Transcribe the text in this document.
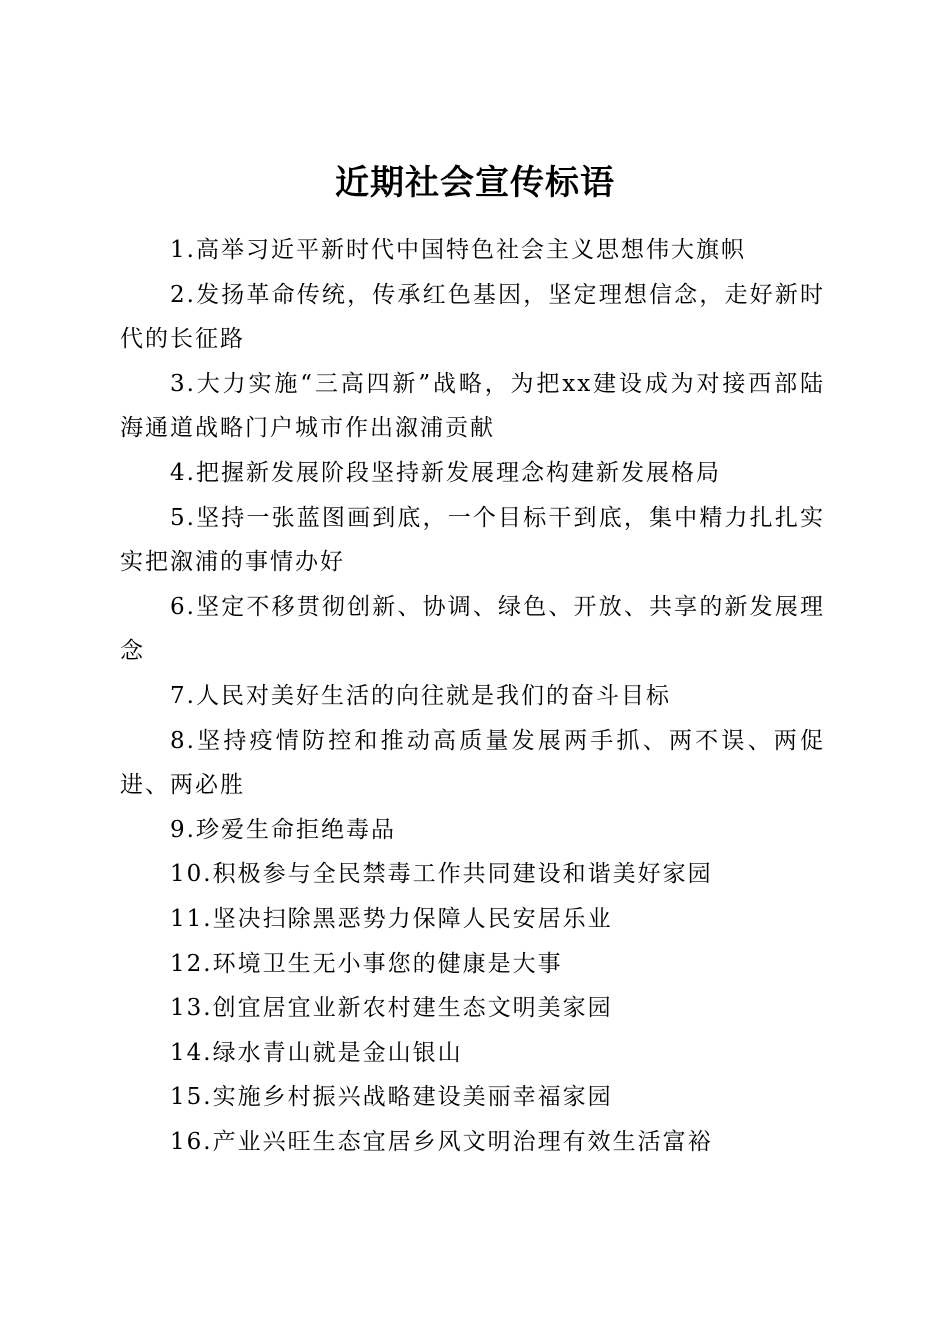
近期社会宣传标语

1.高举习近平新时代中国特色社会主义思想伟大旗帜

2.发扬革命传统，传承红色基因，坚定理想信念，走好新时代的长征路

3.大力实施“三高四新”战略，为把xx建设成为对接西部陆海通道战略门户城市作出溆浦贡献

4.把握新发展阶段坚持新发展理念构建新发展格局

5.坚持一张蓝图画到底，一个目标干到底，集中精力扎扎实实把溆浦的事情办好

6.坚定不移贯彻创新、协调、绿色、开放、共享的新发展理念

7.人民对美好生活的向往就是我们的奋斗目标

8.坚持疫情防控和推动高质量发展两手抓、两不误、两促进、两必胜

9.珍爱生命拒绝毒品

10.积极参与全民禁毒工作共同建设和谐美好家园

11.坚决扫除黑恶势力保障人民安居乐业

12.环境卫生无小事您的健康是大事

13.创宜居宜业新农村建生态文明美家园

14.绿水青山就是金山银山

15.实施乡村振兴战略建设美丽幸福家园

16.产业兴旺生态宜居乡风文明治理有效生活富裕
